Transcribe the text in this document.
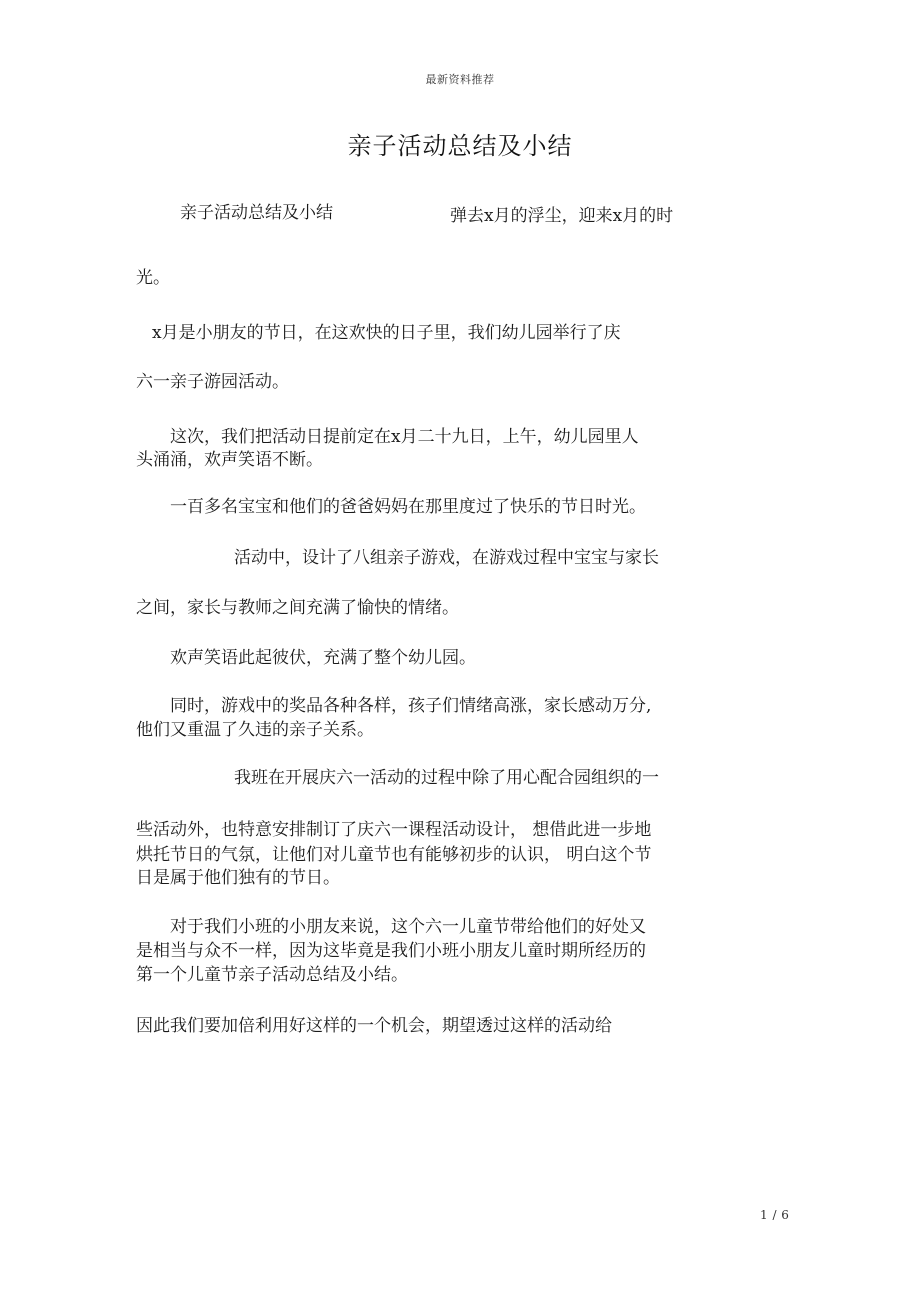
最新资料推荐
亲子活动总结及小结
亲子活动总结及小结	弹去x月的浮尘，迎来x月的时
光。
x月是小朋友的节日，在这欢快的日子里，我们幼儿园举行了庆
六一亲子游园活动。
这次，我们把活动日提前定在x月二十九日，上午，幼儿园里人
头涌涌，欢声笑语不断。
一百多名宝宝和他们的爸爸妈妈在那里度过了快乐的节日时光。
活动中，设计了八组亲子游戏，在游戏过程中宝宝与家长
之间，家长与教师之间充满了愉快的情绪。
欢声笑语此起彼伏，充满了整个幼儿园。
同时，游戏中的奖品各种各样，孩子们情绪高涨，家长感动万分,
他们又重温了久违的亲子关系。
我班在开展庆六一活动的过程中除了用心配合园组织的一
些活动外，也特意安排制订了庆六一课程活动设计， 想借此进一步地
烘托节日的气氛，让他们对儿童节也有能够初步的认识， 明白这个节
日是属于他们独有的节日。
对于我们小班的小朋友来说，这个六一儿童节带给他们的好处又
是相当与众不一样，因为这毕竟是我们小班小朋友儿童时期所经历的
第一个儿童节亲子活动总结及小结。
因此我们要加倍利用好这样的一个机会，期望透过这样的活动给
1 / 6
